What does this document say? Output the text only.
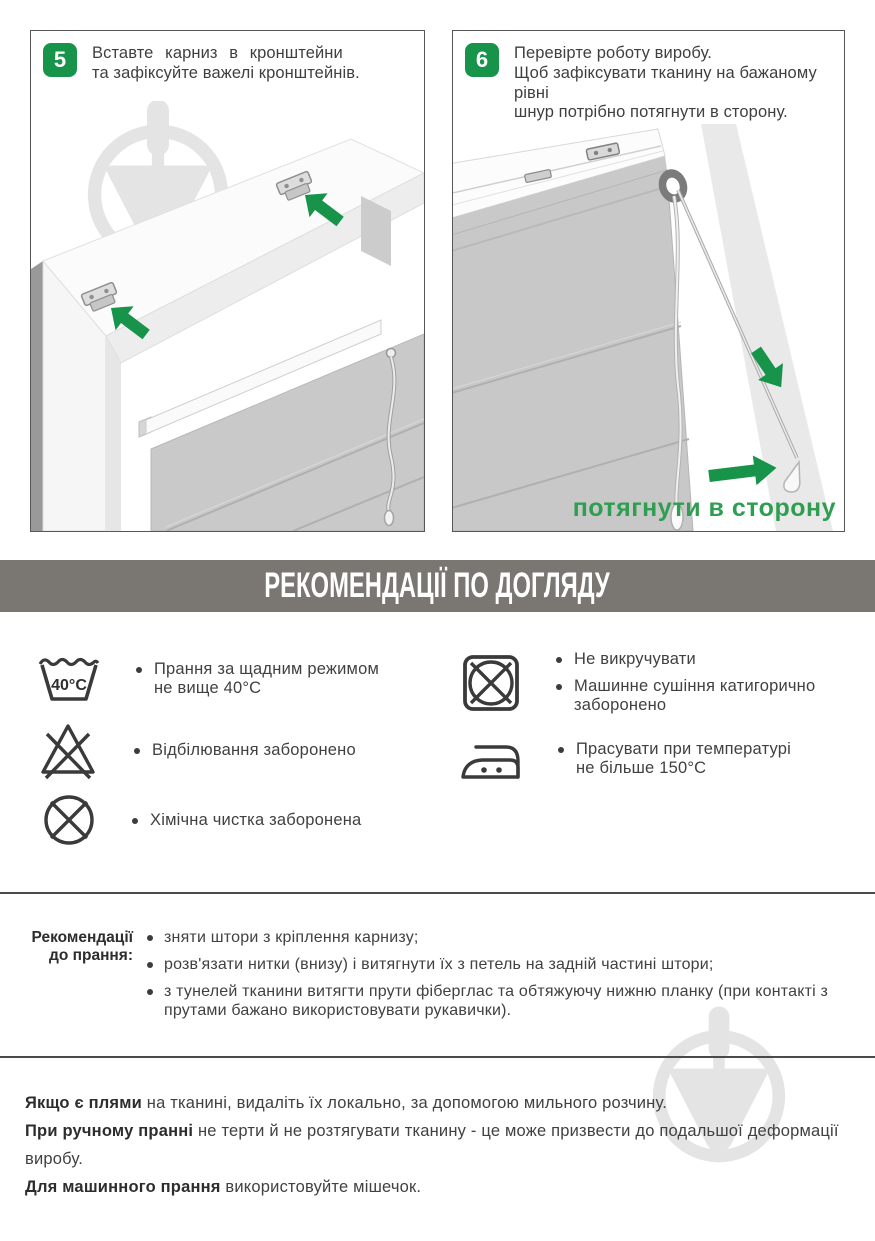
5	Вставте карниз в кронштейни
та зафіксуйте важелі кронштейнів.
6	Перевірте роботу виробу.
Щоб зафіксувати тканину на бажаному рівні
шнур потрібно потягнути в сторону.
потягнути в сторону
РЕКОМЕНДАЦІЇ ПО ДОГЛЯДУ
40°C
Прання за щадним режимом
не вище 40°С
Відбілювання заборонено
Хімічна чистка заборонена
Не викручувати
Машинне сушіння катигорично
заборонено
Прасувати при температурі
не більше 150°С
Рекомендації
до прання:
зняти штори з кріплення карнизу;
розв'язати нитки (внизу) і витягнути їх з петель на задній частині штори;
з тунелей тканини витягти прути фіберглас та обтяжуючу нижню планку (при контакті з прутами бажано використовувати рукавички).

Якщо є плями на тканині, видаліть їх локально, за допомогою мильного розчину.

При ручному пранні не терти й не розтягувати тканину - це може призвести до подальшої деформації виробу.

Для машинного прання використовуйте мішечок.
